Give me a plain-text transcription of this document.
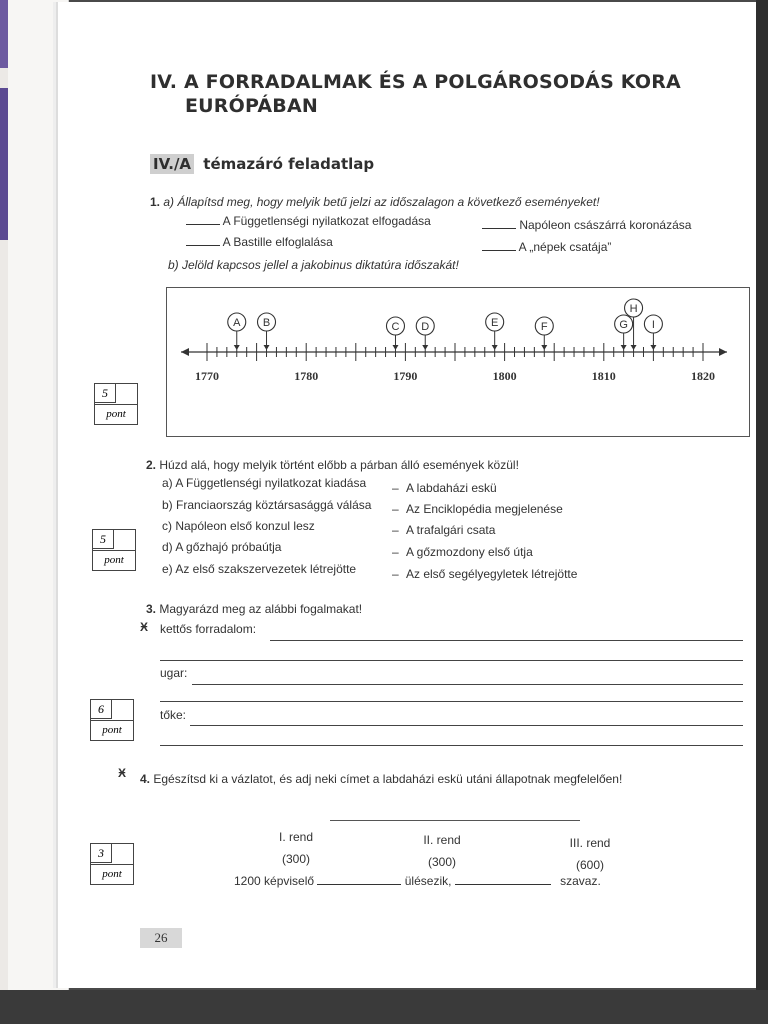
IV. A FORRADALMAK ÉS A POLGÁROSODÁS KORA
EURÓPÁBAN
IV./A témazáró feladatlap
1. a) Állapítsd meg, hogy melyik betű jelzi az időszalagon a következő eseményeket!
A Függetlenségi nyilatkozat elfogadása	Napóleon császárrá koronázása
A Bastille elfoglalása	A „népek csatája”
b) Jelöld kapcsos jellel a jakobinus diktatúra időszakát!
1770	1780	1790	1800	1810	1820
A B	C D	E	F	G
H
I
5
pont
2. Húzd alá, hogy melyik történt előbb a párban álló események közül!
a) A Függetlenségi nyilatkozat kiadása
b) Franciaország köztársasággá válása
c) Napóleon első konzul lesz
d) A gőzhajó próbaútja
e) Az első szakszervezetek létrejötte
– A labdaházi eskü
– Az Enciklopédia megjelenése
– A trafalgári csata
– A gőzmozdony első útja
– Az első segélyegyletek létrejötte
5
pont
3. Magyarázd meg az alábbi fogalmakat!
Ӿ kettős forradalom:
ugar:
tőke:
6
pont
Ӿ 4. Egészítsd ki a vázlatot, és adj neki címet a labdaházi eskü utáni állapotnak megfelelően!
I. rend
(300)
II. rend
(300)
III. rend
(600)
1200 képviselő	ülésezik,	szavaz.
3
pont
26
